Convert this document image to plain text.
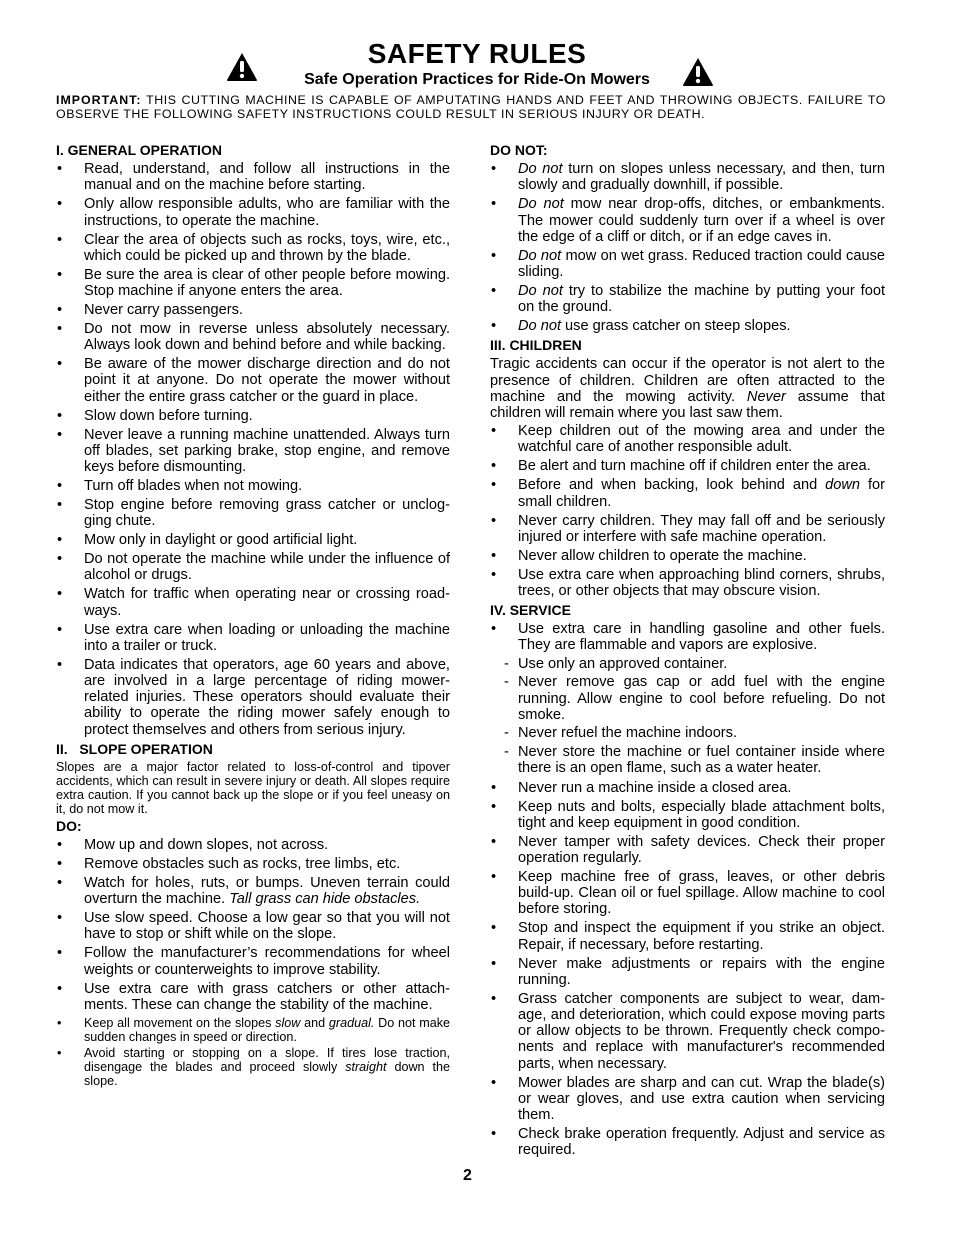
SAFETY RULES
Safe Operation Practices for Ride-On Mowers
IMPORTANT: THIS CUTTING MACHINE IS CAPABLE OF AMPUTATING HANDS AND FEET AND THROWING OBJECTS. FAILURE TO OBSERVE THE FOLLOWING SAFETY INSTRUCTIONS COULD RESULT IN SERIOUS INJURY OR DEATH.
I. GENERAL OPERATION
• Read, understand, and follow all instructions in the manual and on the machine before starting.
• Only allow responsible adults, who are familiar with the instructions, to operate the machine.
• Clear the area of objects such as rocks, toys, wire, etc., which could be picked up and thrown by the blade.
• Be sure the area is clear of other people before mowing. Stop machine if anyone enters the area.
• Never carry passengers.
• Do not mow in reverse unless absolutely necessary. Always look down and behind before and while backing.
• Be aware of the mower discharge direction and do not point it at anyone. Do not operate the mower without either the entire grass catcher or the guard in place.
• Slow down before turning.
• Never leave a running machine unattended. Always turn off blades, set parking brake, stop engine, and remove keys before dismounting.
• Turn off blades when not mowing.
• Stop engine before removing grass catcher or unclog-ging chute.
• Mow only in daylight or good artificial light.
• Do not operate the machine while under the influence of alcohol or drugs.
• Watch for traffic when operating near or crossing road-ways.
• Use extra care when loading or unloading the machine into a trailer or truck.
• Data indicates that operators, age 60 years and above, are involved in a large percentage of riding mower-related injuries. These operators should evaluate their ability to operate the riding mower safely enough to protect themselves and others from serious injury.
II.   SLOPE OPERATION
Slopes are a major factor related to loss-of-control and tipover accidents, which can result in severe injury or death. All slopes require extra caution. If you cannot back up the slope or if you feel uneasy on it, do not mow it.
DO:
• Mow up and down slopes, not across.
• Remove obstacles such as rocks, tree limbs, etc.
• Watch for holes, ruts, or bumps. Uneven terrain could overturn the machine. Tall grass can hide obstacles.
• Use slow speed. Choose a low gear so that you will not have to stop or shift while on the slope.
• Follow the manufacturer’s recommendations for wheel weights or counterweights to improve stability.
• Use extra care with grass catchers or other attach-ments. These can change the stability of the machine.
• Keep all movement on the slopes slow and gradual. Do not make sudden changes in speed or direction.
• Avoid starting or stopping on a slope. If tires lose traction, disengage the blades and proceed slowly straight down the slope.
DO NOT:
• Do not turn on slopes unless necessary, and then, turn slowly and gradually downhill, if possible.
• Do not mow near drop-offs, ditches, or embankments. The mower could suddenly turn over if a wheel is over the edge of a cliff or ditch, or if an edge caves in.
• Do not mow on wet grass. Reduced traction could cause sliding.
• Do not try to stabilize the machine by putting your foot on the ground.
• Do not use grass catcher on steep slopes.
III. CHILDREN
Tragic accidents can occur if the operator is not alert to the presence of children. Children are often attracted to the machine and the mowing activity. Never assume that children will remain where you last saw them.
• Keep children out of the mowing area and under the watchful care of another responsible adult.
• Be alert and turn machine off if children enter the area.
• Before and when backing, look behind and down for small children.
• Never carry children. They may fall off and be seriously injured or interfere with safe machine operation.
• Never allow children to operate the machine.
• Use extra care when approaching blind corners, shrubs, trees, or other objects that may obscure vision.
IV. SERVICE
• Use extra care in handling gasoline and other fuels. They are flammable and vapors are explosive.
- Use only an approved container.
- Never remove gas cap or add fuel with the engine running. Allow engine to cool before refueling. Do not smoke.
- Never refuel the machine indoors.
- Never store the machine or fuel container inside where there is an open flame, such as a water heater.
• Never run a machine inside a closed area.
• Keep nuts and bolts, especially blade attachment bolts, tight and keep equipment in good condition.
• Never tamper with safety devices. Check their proper operation regularly.
• Keep machine free of grass, leaves, or other debris build-up. Clean oil or fuel spillage. Allow machine to cool before storing.
• Stop and inspect the equipment if you strike an object. Repair, if necessary, before restarting.
• Never make adjustments or repairs with the engine running.
• Grass catcher components are subject to wear, dam-age, and deterioration, which could expose moving parts or allow objects to be thrown. Frequently check compo-nents and replace with manufacturer's recommended parts, when necessary.
• Mower blades are sharp and can cut. Wrap the blade(s) or wear gloves, and use extra caution when servicing them.
• Check brake operation frequently. Adjust and service as required.
2
